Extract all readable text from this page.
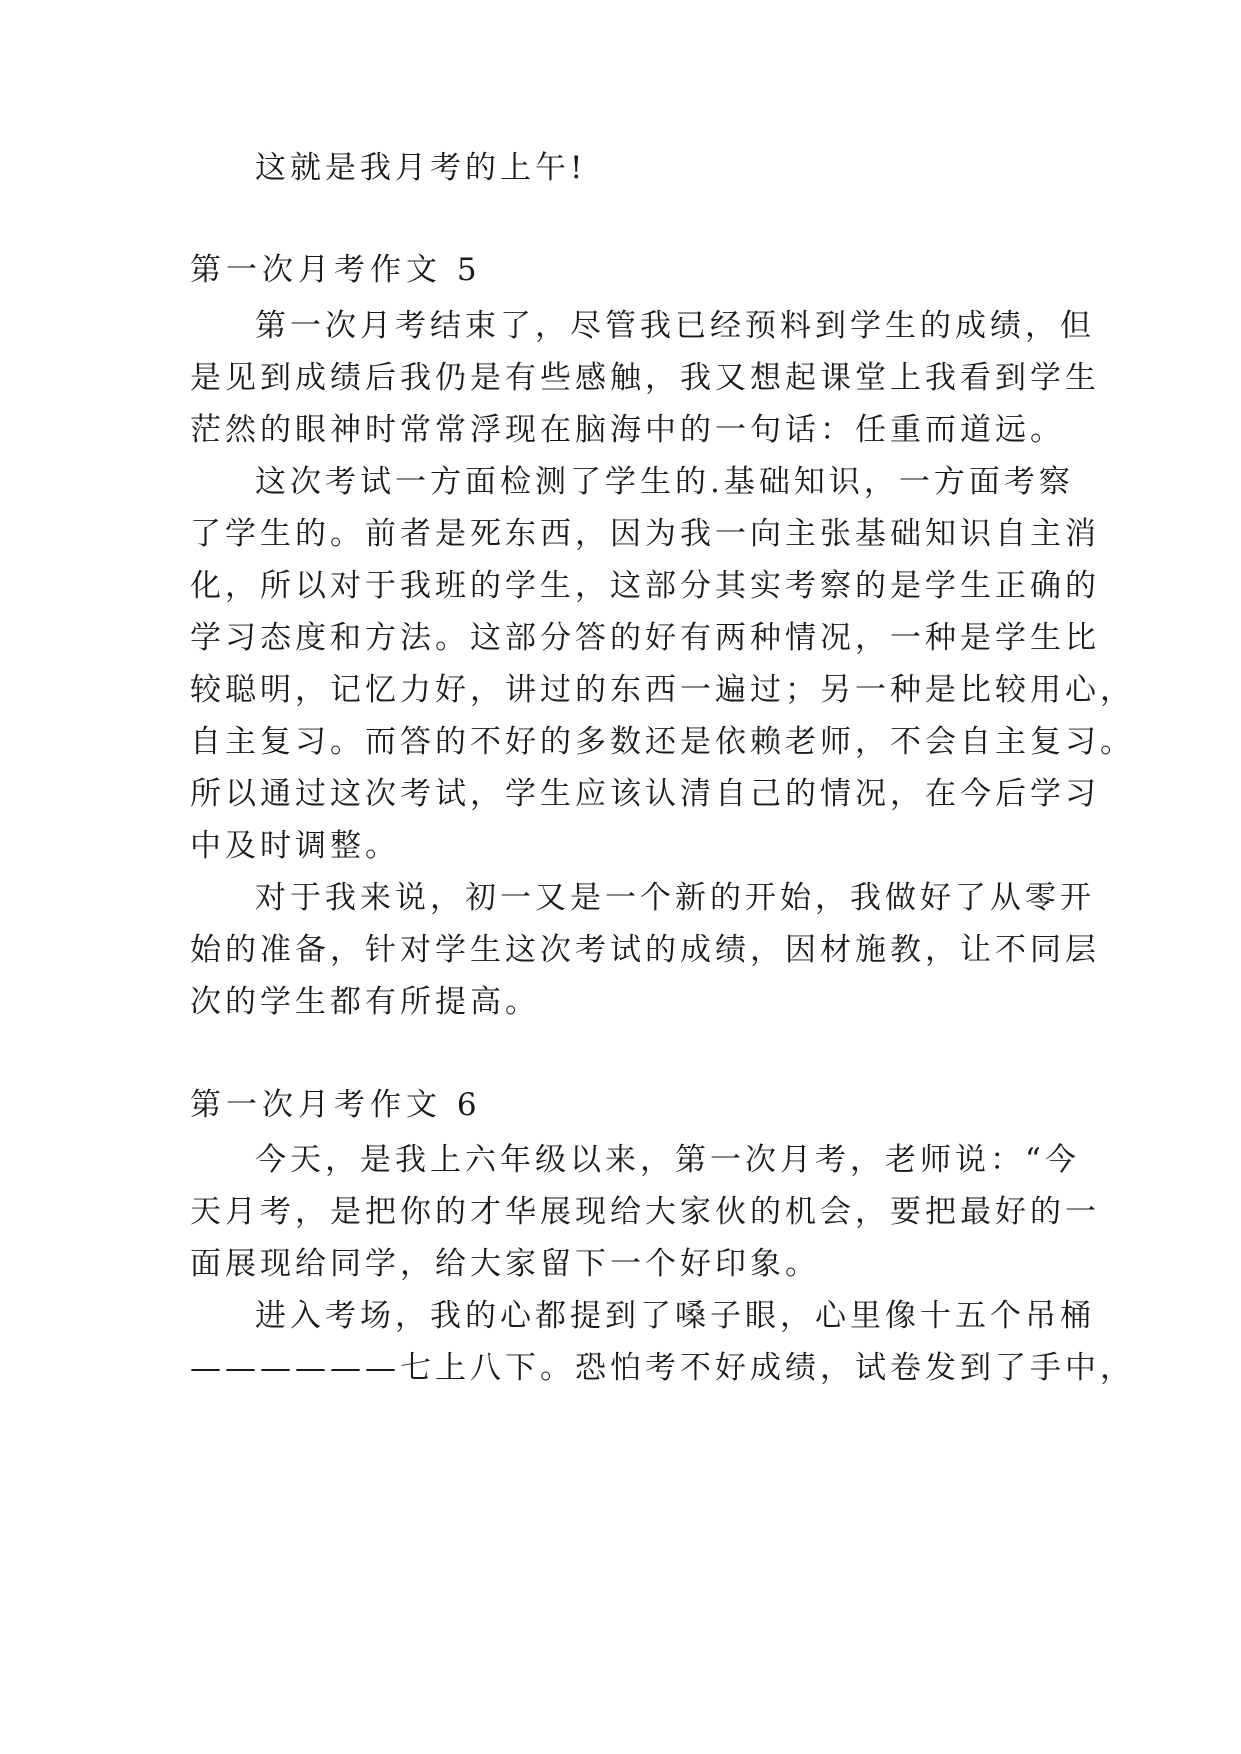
这就是我月考的上午!
第一次月考作文 5
第一次月考结束了，尽管我已经预料到学生的成绩，但
是见到成绩后我仍是有些感触，我又想起课堂上我看到学生
茫然的眼神时常常浮现在脑海中的一句话：任重而道远。
这次考试一方面检测了学生的.基础知识，一方面考察
了学生的。前者是死东西，因为我一向主张基础知识自主消
化，所以对于我班的学生，这部分其实考察的是学生正确的
学习态度和方法。这部分答的好有两种情况，一种是学生比
较聪明，记忆力好，讲过的东西一遍过；另一种是比较用心，
自主复习。而答的不好的多数还是依赖老师，不会自主复习。
所以通过这次考试，学生应该认清自己的情况，在今后学习
中及时调整。
对于我来说，初一又是一个新的开始，我做好了从零开
始的准备，针对学生这次考试的成绩，因材施教，让不同层
次的学生都有所提高。
第一次月考作文 6
今天，是我上六年级以来，第一次月考，老师说：“今
天月考，是把你的才华展现给大家伙的机会，要把最好的一
面展现给同学，给大家留下一个好印象。
进入考场，我的心都提到了嗓子眼，心里像十五个吊桶
——————七上八下。恐怕考不好成绩，试卷发到了手中，
